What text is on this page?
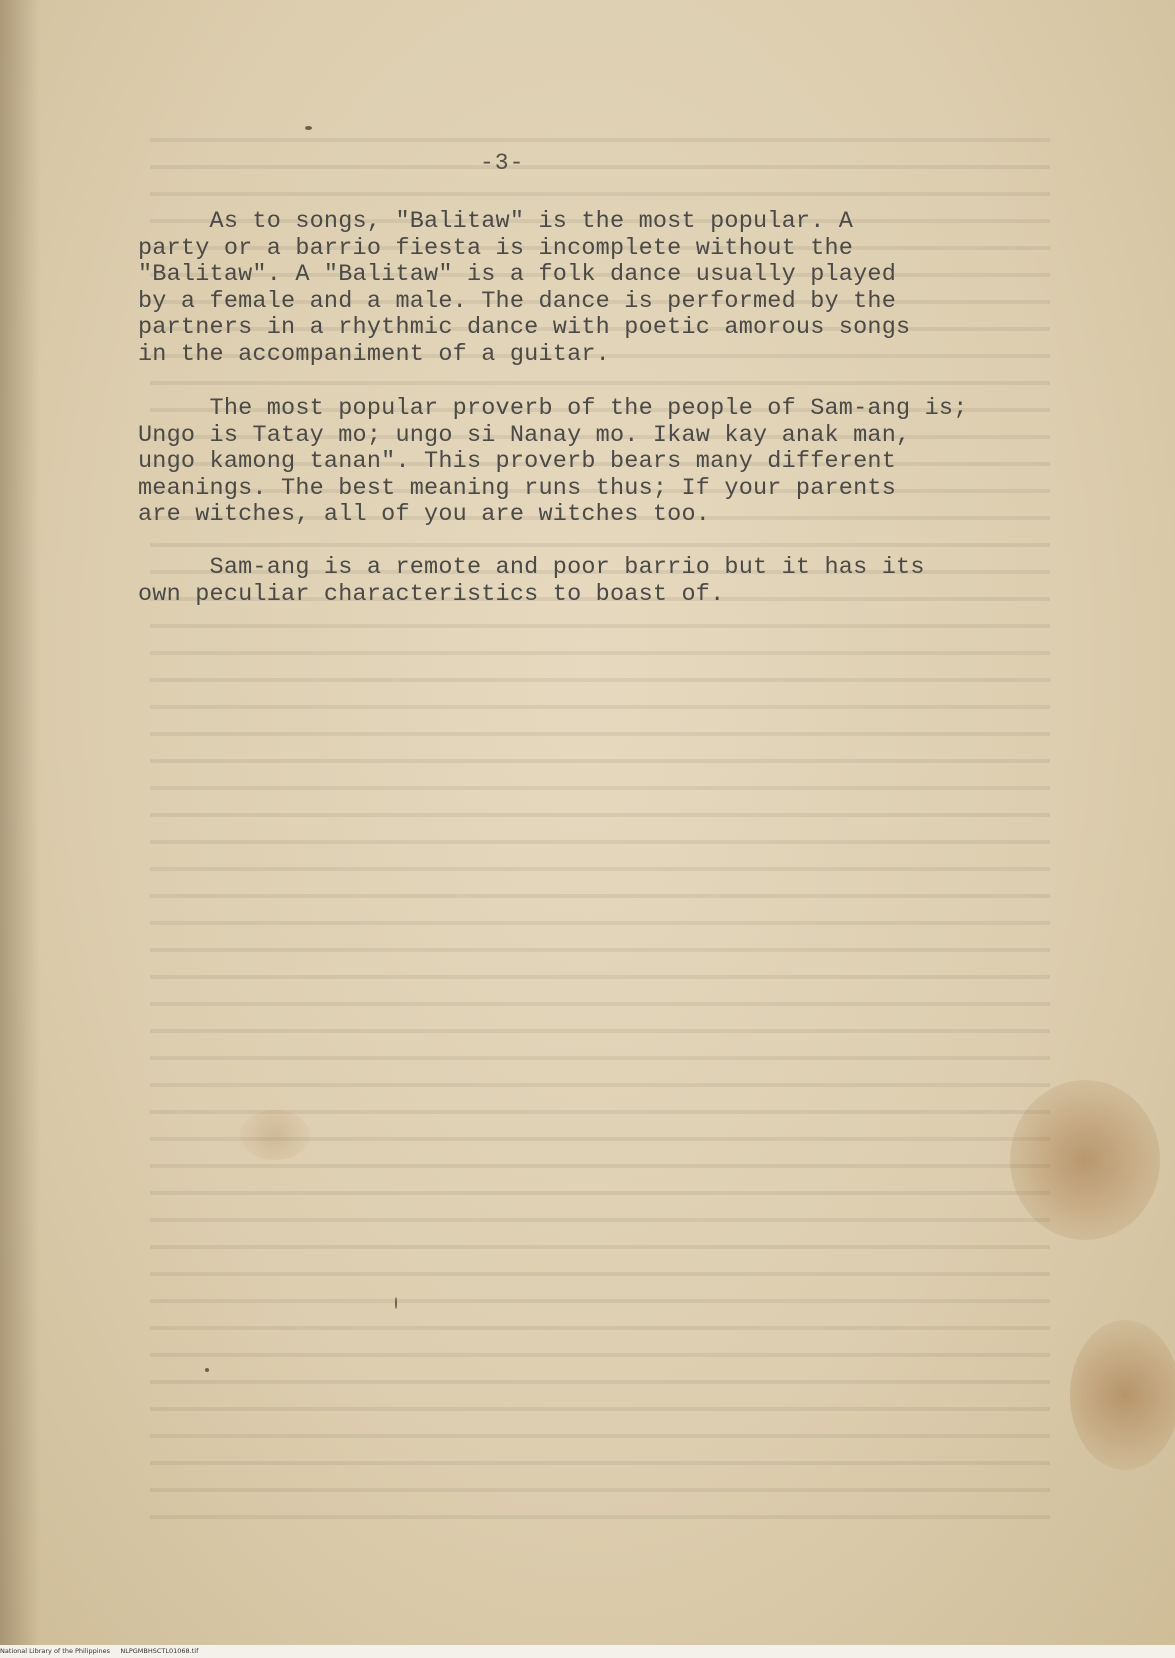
-3-

As to songs, "Balitaw" is the most popular. A
party or a barrio fiesta is incomplete without the
"Balitaw". A "Balitaw" is a folk dance usually played
by a female and a male. The dance is performed by the
partners in a rhythmic dance with poetic amorous songs
in the accompaniment of a guitar.

The most popular proverb of the people of Sam-ang is;
Ungo is Tatay mo; ungo si Nanay mo. Ikaw kay anak man,
ungo kamong tanan". This proverb bears many different
meanings. The best meaning runs thus; If your parents
are witches, all of you are witches too.

Sam-ang is a remote and poor barrio but it has its
own peculiar characteristics to boast of.

National Library of the Philippines     NLPGMBHSCTL01068.tif
